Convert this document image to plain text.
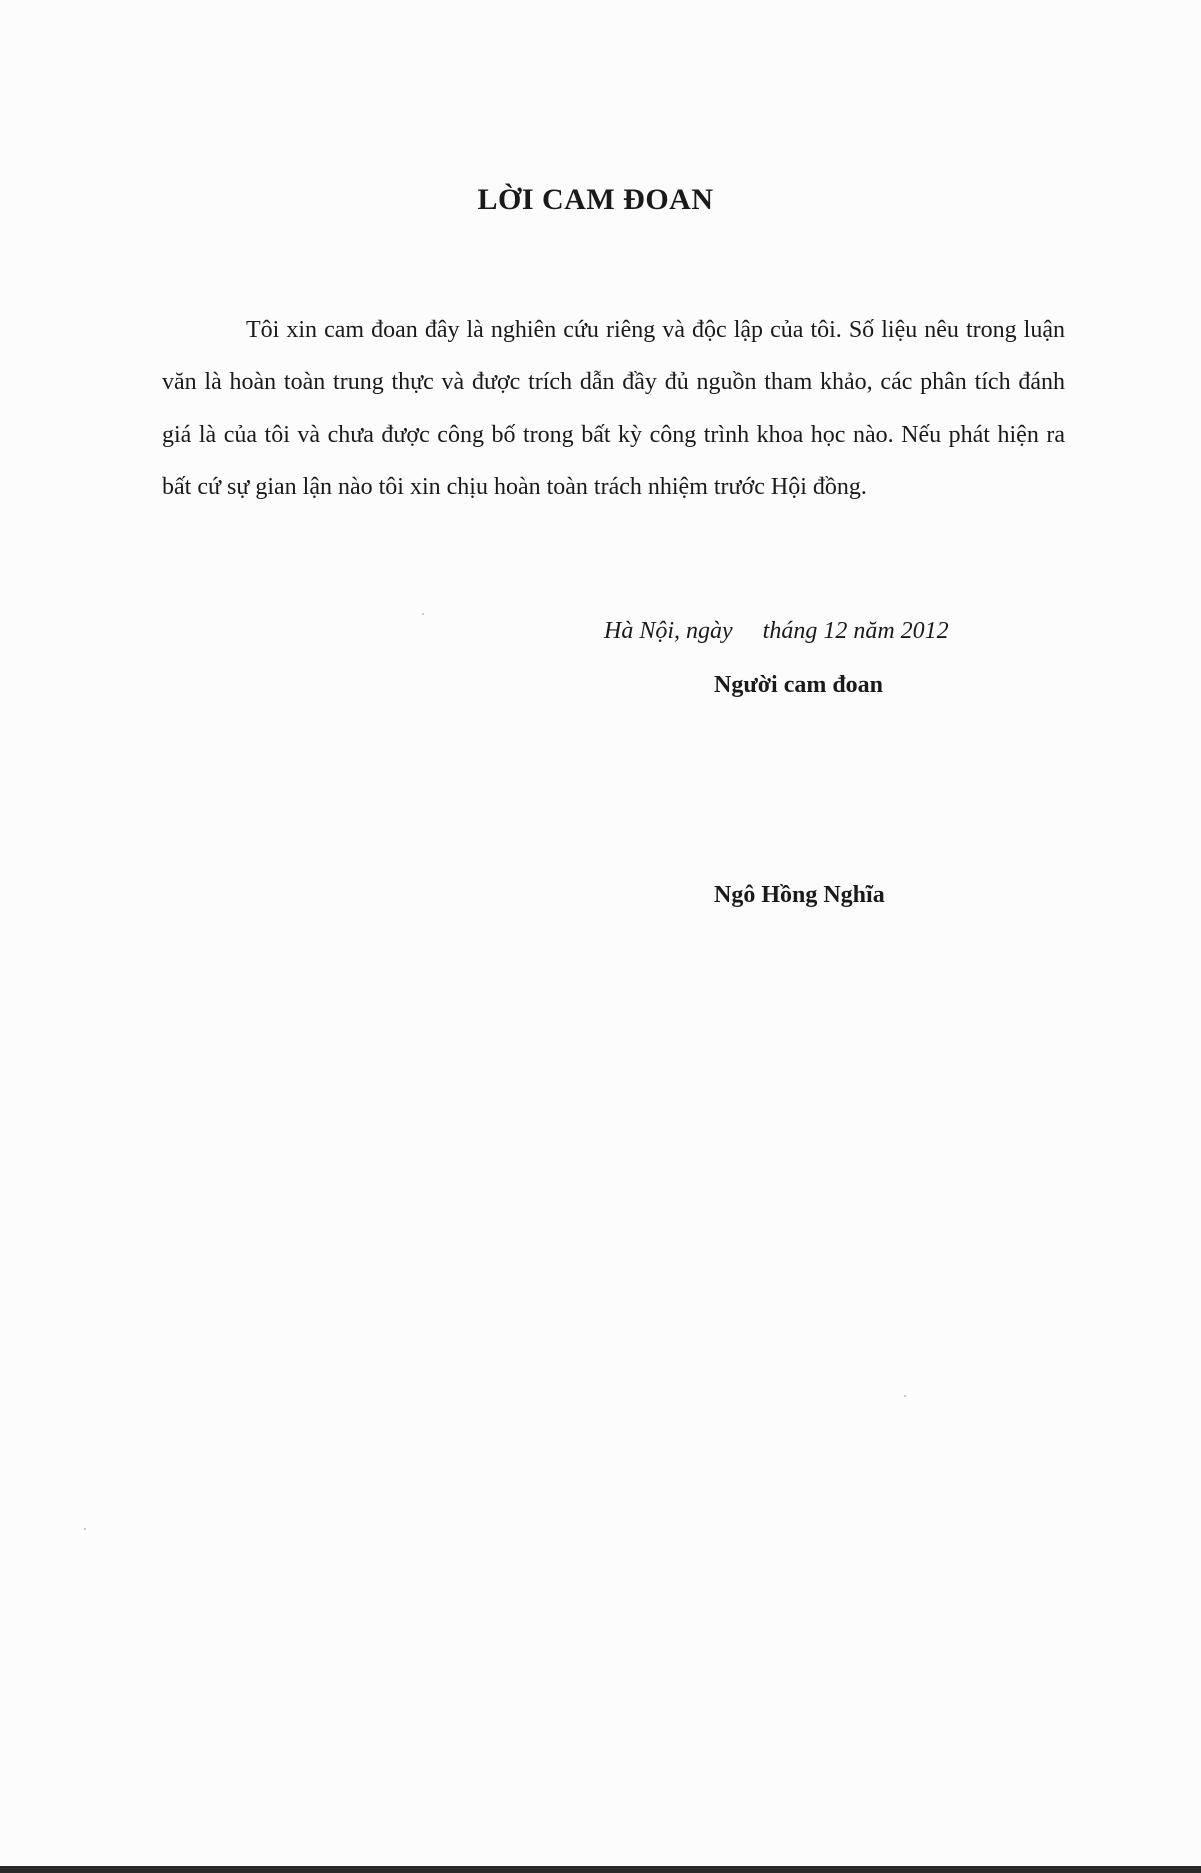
LỜI CAM ĐOAN

Tôi xin cam đoan đây là nghiên cứu riêng và độc lập của tôi. Số liệu nêu trong luận văn là hoàn toàn trung thực và được trích dẫn đầy đủ nguồn tham khảo, các phân tích đánh giá là của tôi và chưa được công bố trong bất kỳ công trình khoa học nào. Nếu phát hiện ra bất cứ sự gian lận nào tôi xin chịu hoàn toàn trách nhiệm trước Hội đồng.

Hà Nội, ngày     tháng 12 năm 2012

Người cam đoan

Ngô Hồng Nghĩa
